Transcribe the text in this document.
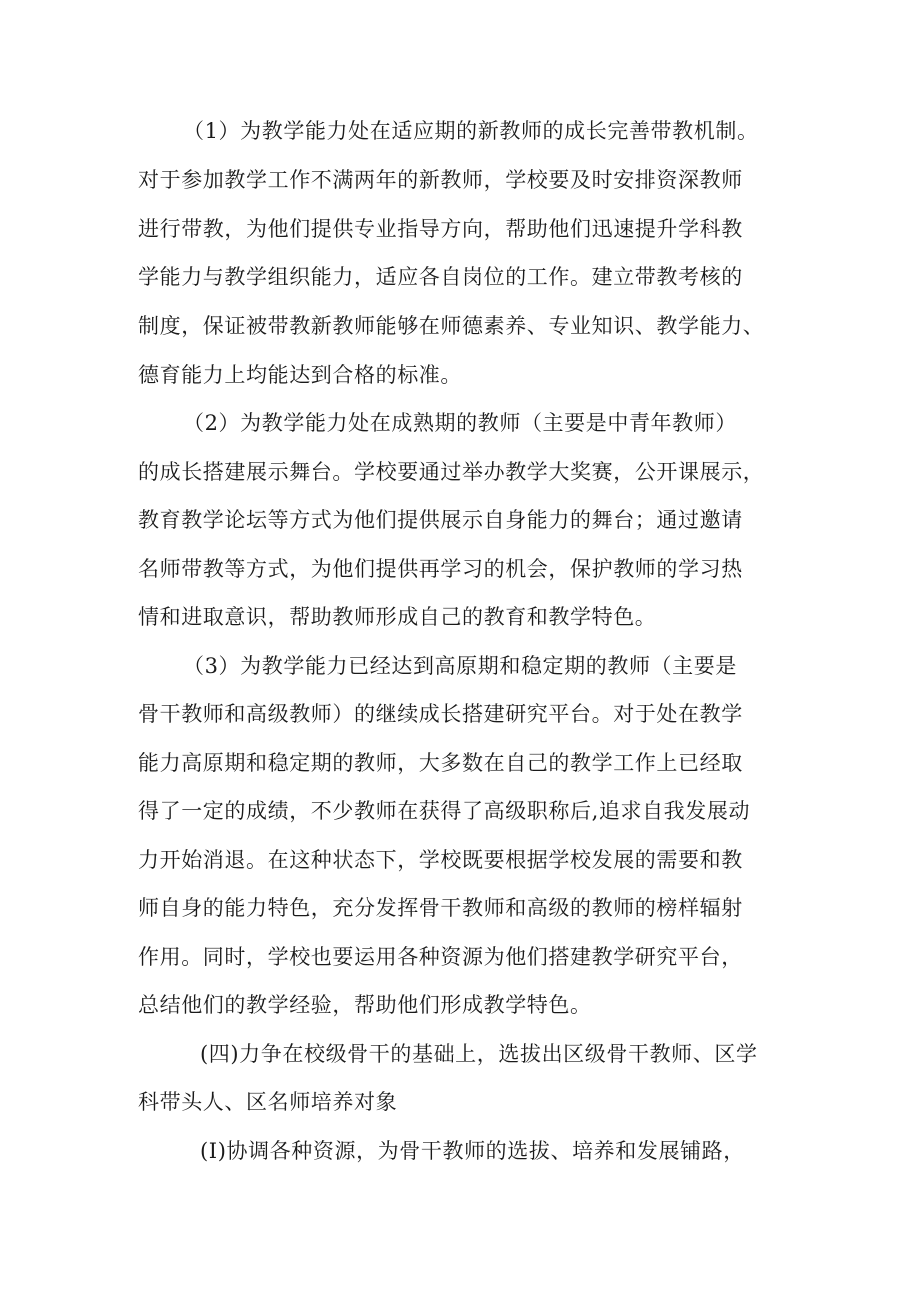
（1）为教学能力处在适应期的新教师的成长完善带教机制。
对于参加教学工作不满两年的新教师，学校要及时安排资深教师
进行带教，为他们提供专业指导方向，帮助他们迅速提升学科教
学能力与教学组织能力，适应各自岗位的工作。建立带教考核的
制度，保证被带教新教师能够在师德素养、专业知识、教学能力、
德育能力上均能达到合格的标准。
（2）为教学能力处在成熟期的教师（主要是中青年教师）
的成长搭建展示舞台。学校要通过举办教学大奖赛，公开课展示，
教育教学论坛等方式为他们提供展示自身能力的舞台；通过邀请
名师带教等方式，为他们提供再学习的机会，保护教师的学习热
情和进取意识，帮助教师形成自己的教育和教学特色。
（3）为教学能力已经达到高原期和稳定期的教师（主要是
骨干教师和高级教师）的继续成长搭建研究平台。对于处在教学
能力高原期和稳定期的教师，大多数在自己的教学工作上已经取
得了一定的成绩，不少教师在获得了高级职称后,追求自我发展动
力开始消退。在这种状态下，学校既要根据学校发展的需要和教
师自身的能力特色，充分发挥骨干教师和高级的教师的榜样辐射
作用。同时，学校也要运用各种资源为他们搭建教学研究平台，
总结他们的教学经验，帮助他们形成教学特色。
(四)力争在校级骨干的基础上，选拔出区级骨干教师、区学
科带头人、区名师培养对象
(I)协调各种资源，为骨干教师的选拔、培养和发展铺路，
